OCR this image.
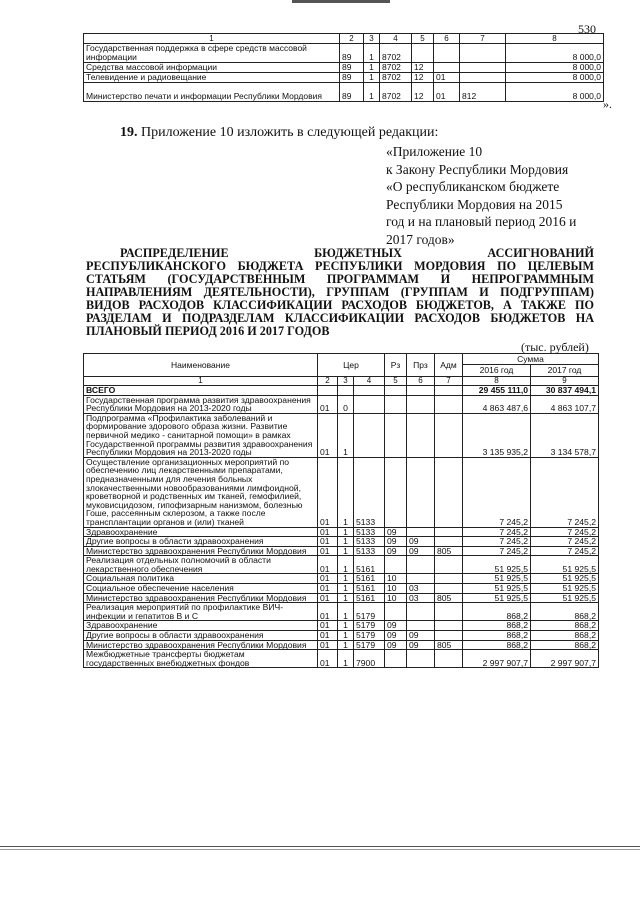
530
1	2	3	4	5	6	7	8
Государственная поддержка в сфере средств массовой информации	89	1	8702				8 000,0
Средства массовой информации	89	1	8702	12			8 000,0
Телевидение и радиовещание	89	1	8702	12	01		8 000,0
Министерство печати и информации Республики Мордовия	89	1	8702	12	01	812	8 000,0
».
19. Приложение 10 изложить в следующей редакции:
«Приложение 10
к Закону Республики Мордовия
«О республиканском бюджете
Республики Мордовия на 2015
год и на плановый период 2016 и
2017 годов»

РАСПРЕДЕЛЕНИЕ БЮДЖЕТНЫХ АССИГНОВАНИЙ

РЕСПУБЛИКАНСКОГО БЮДЖЕТА РЕСПУБЛИКИ МОРДОВИЯ ПО ЦЕЛЕВЫМ

СТАТЬЯМ (ГОСУДАРСТВЕННЫМ ПРОГРАММАМ И НЕПРОГРАММНЫМ

НАПРАВЛЕНИЯМ ДЕЯТЕЛЬНОСТИ), ГРУППАМ (ГРУППАМ И ПОДГРУППАМ)

ВИДОВ РАСХОДОВ КЛАССИФИКАЦИИ РАСХОДОВ БЮДЖЕТОВ, А ТАКЖЕ ПО

РАЗДЕЛАМ И ПОДРАЗДЕЛАМ КЛАССИФИКАЦИИ РАСХОДОВ БЮДЖЕТОВ НА

ПЛАНОВЫЙ ПЕРИОД 2016 И 2017 ГОДОВ

(тыс. рублей)
Наименование	Цер			Рз	Прз	Адм	Сумма	
							2016 год	2017 год
1	2	3	4	5	6	7	8	9
ВСЕГО							29 455 111,0	30 837 494,1
Государственная программа развития здравоохранения Республики Мордовия на 2013-2020 годы	01	0					4 863 487,6	4 863 107,7
Подпрограмма «Профилактика заболеваний и формирование здорового образа жизни. Развитие первичной медико - санитарной помощи» в рамках Государственной программы развития здравоохранения Республики Мордовия на 2013-2020 годы	01	1					3 135 935,2	3 134 578,7
Осуществление организационных мероприятий по обеспечению лиц лекарственными препаратами, предназначенными для лечения больных злокачественными новообразованиями лимфоидной, кроветворной и родственных им тканей, гемофилией, муковисцидозом, гипофизарным нанизмом, болезнью Гоше, рассеянным склерозом, а также после трансплантации органов и (или) тканей	01	1	5133				7 245,2	7 245,2
Здравоохранение	01	1	5133	09			7 245,2	7 245,2
Другие вопросы в области здравоохранения	01	1	5133	09	09		7 245,2	7 245,2
Министерство здравоохранения Республики Мордовия	01	1	5133	09	09	805	7 245,2	7 245,2
Реализация отдельных полномочий в области лекарственного обеспечения	01	1	5161				51 925,5	51 925,5
Социальная политика	01	1	5161	10			51 925,5	51 925,5
Социальное обеспечение населения	01	1	5161	10	03		51 925,5	51 925,5
Министерство здравоохранения Республики Мордовия	01	1	5161	10	03	805	51 925,5	51 925,5
Реализация мероприятий по профилактике ВИЧ-инфекции и гепатитов В и С	01	1	5179				868,2	868,2
Здравоохранение	01	1	5179	09			868,2	868,2
Другие вопросы в области здравоохранения	01	1	5179	09	09		868,2	868,2
Министерство здравоохранения Республики Мордовия	01	1	5179	09	09	805	868,2	868,2
Межбюджетные трансферты бюджетам государственных внебюджетных фондов	01	1	7900				2 997 907,7	2 997 907,7
